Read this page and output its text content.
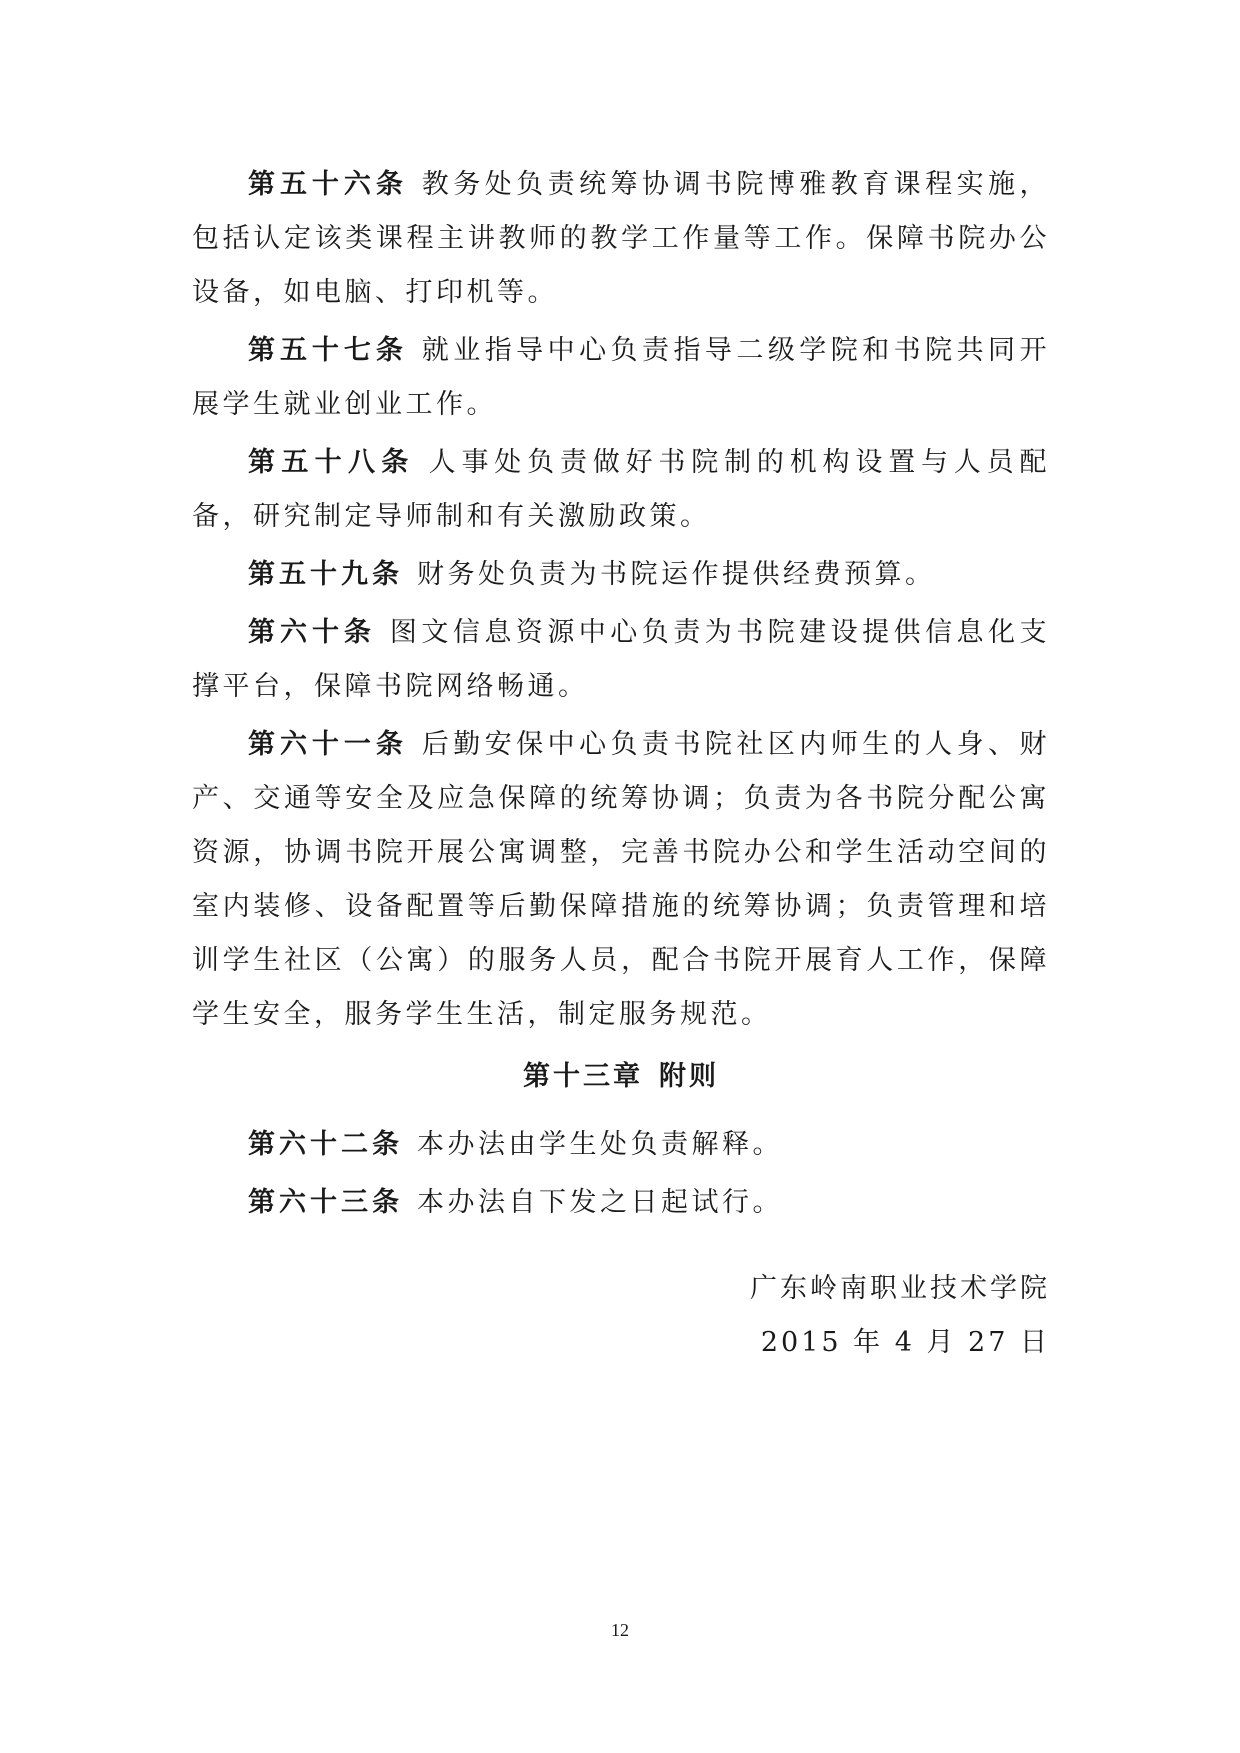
第五十六条 教务处负责统筹协调书院博雅教育课程实施，包括认定该类课程主讲教师的教学工作量等工作。保障书院办公设备，如电脑、打印机等。

第五十七条 就业指导中心负责指导二级学院和书院共同开展学生就业创业工作。

第五十八条 人事处负责做好书院制的机构设置与人员配备，研究制定导师制和有关激励政策。

第五十九条 财务处负责为书院运作提供经费预算。

第六十条 图文信息资源中心负责为书院建设提供信息化支撑平台，保障书院网络畅通。

第六十一条 后勤安保中心负责书院社区内师生的人身、财产、交通等安全及应急保障的统筹协调；负责为各书院分配公寓资源，协调书院开展公寓调整，完善书院办公和学生活动空间的室内装修、设备配置等后勤保障措施的统筹协调；负责管理和培训学生社区（公寓）的服务人员，配合书院开展育人工作，保障学生安全，服务学生生活，制定服务规范。

第十三章 附则

第六十二条 本办法由学生处负责解释。

第六十三条 本办法自下发之日起试行。

广东岭南职业技术学院
2015 年 4 月 27 日
12
